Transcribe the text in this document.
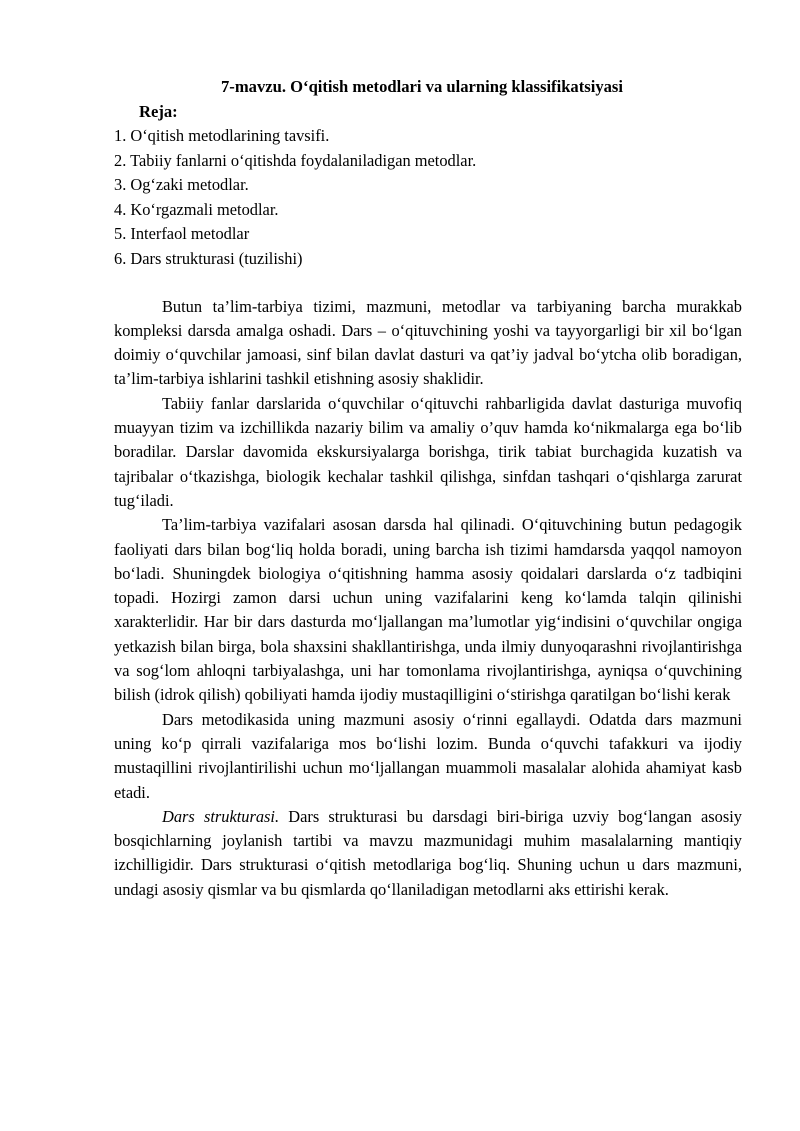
7-mavzu. O‘qitish metodlari va ularning klassifikatsiyasi
Reja:
1. O‘qitish metodlarining tavsifi.
2. Tabiiy fanlarni o‘qitishda foydalaniladigan metodlar.
3. Og‘zaki metodlar.
4. Ko‘rgazmali metodlar.
5. Interfaol metodlar
6. Dars strukturasi (tuzilishi)

Butun ta’lim-tarbiya tizimi, mazmuni, metodlar va tarbiyaning barcha murakkab kompleksi darsda amalga oshadi. Dars – o‘qituvchining yoshi va tayyorgarligi bir xil bo‘lgan doimiy o‘quvchilar jamoasi, sinf bilan davlat dasturi va qat’iy jadval bo‘ytcha olib boradigan, ta’lim-tarbiya ishlarini tashkil etishning asosiy shaklidir.

Tabiiy fanlar darslarida o‘quvchilar o‘qituvchi rahbarligida davlat dasturiga muvofiq muayyan tizim va izchillikda nazariy bilim va amaliy o’quv hamda ko‘nikmalarga ega bo‘lib boradilar. Darslar davomida ekskursiyalarga borishga, tirik tabiat burchagida kuzatish va tajribalar o‘tkazishga, biologik kechalar tashkil qilishga, sinfdan tashqari o‘qishlarga zarurat tug‘iladi.

Ta’lim-tarbiya vazifalari asosan darsda hal qilinadi. O‘qituvchining butun pedagogik faoliyati dars bilan bog‘liq holda boradi, uning barcha ish tizimi hamdarsda yaqqol namoyon bo‘ladi. Shuningdek biologiya o‘qitishning hamma asosiy qoidalari darslarda o‘z tadbiqini topadi. Hozirgi zamon darsi uchun uning vazifalarini keng ko‘lamda talqin qilinishi xarakterlidir. Har bir dars dasturda mo‘ljallangan ma’lumotlar yig‘indisini o‘quvchilar ongiga yetkazish bilan birga, bola shaxsini shakllantirishga, unda ilmiy dunyoqarashni rivojlantirishga va sog‘lom ahloqni tarbiyalashga, uni har tomonlama rivojlantirishga, ayniqsa o‘quvchining bilish (idrok qilish) qobiliyati hamda ijodiy mustaqilligini o‘stirishga qaratilgan bo‘lishi kerak

Dars metodikasida uning mazmuni asosiy o‘rinni egallaydi. Odatda dars mazmuni uning ko‘p qirrali vazifalariga mos bo‘lishi lozim. Bunda o‘quvchi tafakkuri va ijodiy mustaqillini rivojlantirilishi uchun mo‘ljallangan muammoli masalalar alohida ahamiyat kasb etadi.

Dars strukturasi. Dars strukturasi bu darsdagi biri-biriga uzviy bog‘langan asosiy bosqichlarning joylanish tartibi va mavzu mazmunidagi muhim masalalarning mantiqiy izchilligidir. Dars strukturasi o‘qitish metodlariga bog‘liq. Shuning uchun u dars mazmuni, undagi asosiy qismlar va bu qismlarda qo‘llaniladigan metodlarni aks ettirishi kerak.
